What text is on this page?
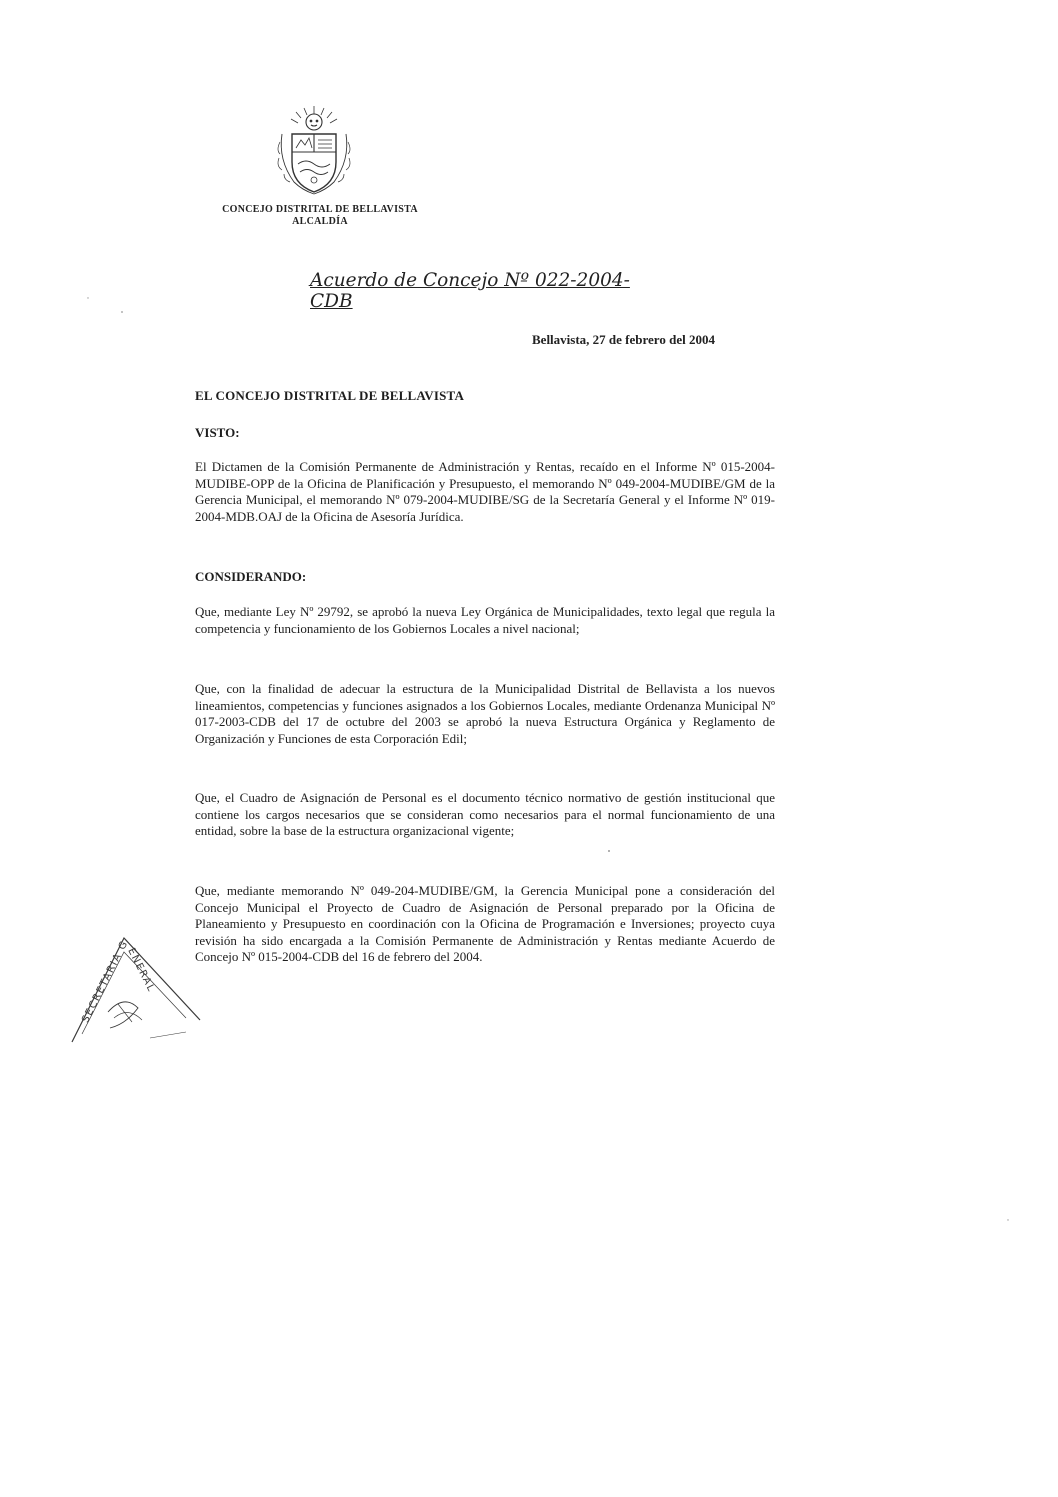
CONCEJO DISTRITAL DE BELLAVISTA
ALCALDÍA
Acuerdo de Concejo Nº 022-2004-CDB
Bellavista, 27 de febrero del 2004
EL CONCEJO DISTRITAL DE BELLAVISTA
VISTO:
El Dictamen de la Comisión Permanente de Administración y Rentas, recaído en el Informe Nº 015-2004-MUDIBE-OPP de la Oficina de Planificación y Presupuesto, el memorando Nº 049-2004-MUDIBE/GM de la Gerencia Municipal, el memorando Nº 079-2004-MUDIBE/SG de la Secretaría General y el Informe Nº 019-2004-MDB.OAJ de la Oficina de Asesoría Jurídica.
CONSIDERANDO:
Que, mediante Ley Nº 29792, se aprobó la nueva Ley Orgánica de Municipalidades, texto legal que regula la competencia y funcionamiento de los Gobiernos Locales a nivel nacional;
Que, con la finalidad de adecuar la estructura de la Municipalidad Distrital de Bellavista a los nuevos lineamientos, competencias y funciones asignados a los Gobiernos Locales, mediante Ordenanza Municipal Nº 017-2003-CDB del 17 de octubre del 2003 se aprobó la nueva Estructura Orgánica y Reglamento de Organización y Funciones de esta Corporación Edil;
Que, el Cuadro de Asignación de Personal es el documento técnico normativo de gestión institucional que contiene los cargos necesarios que se consideran como necesarios para el normal funcionamiento de una entidad, sobre la base de la estructura organizacional vigente;
Que, mediante memorando Nº 049-204-MUDIBE/GM, la Gerencia Municipal pone a consideración del Concejo Municipal el Proyecto de Cuadro de Asignación de Personal preparado por la Oficina de Planeamiento y Presupuesto en coordinación con la Oficina de Programación e Inversiones; proyecto cuya revisión ha sido encargada a la Comisión Permanente de Administración y Rentas mediante Acuerdo de Concejo Nº 015-2004-CDB del 16 de febrero del 2004.
SECRETARIA GENERAL
